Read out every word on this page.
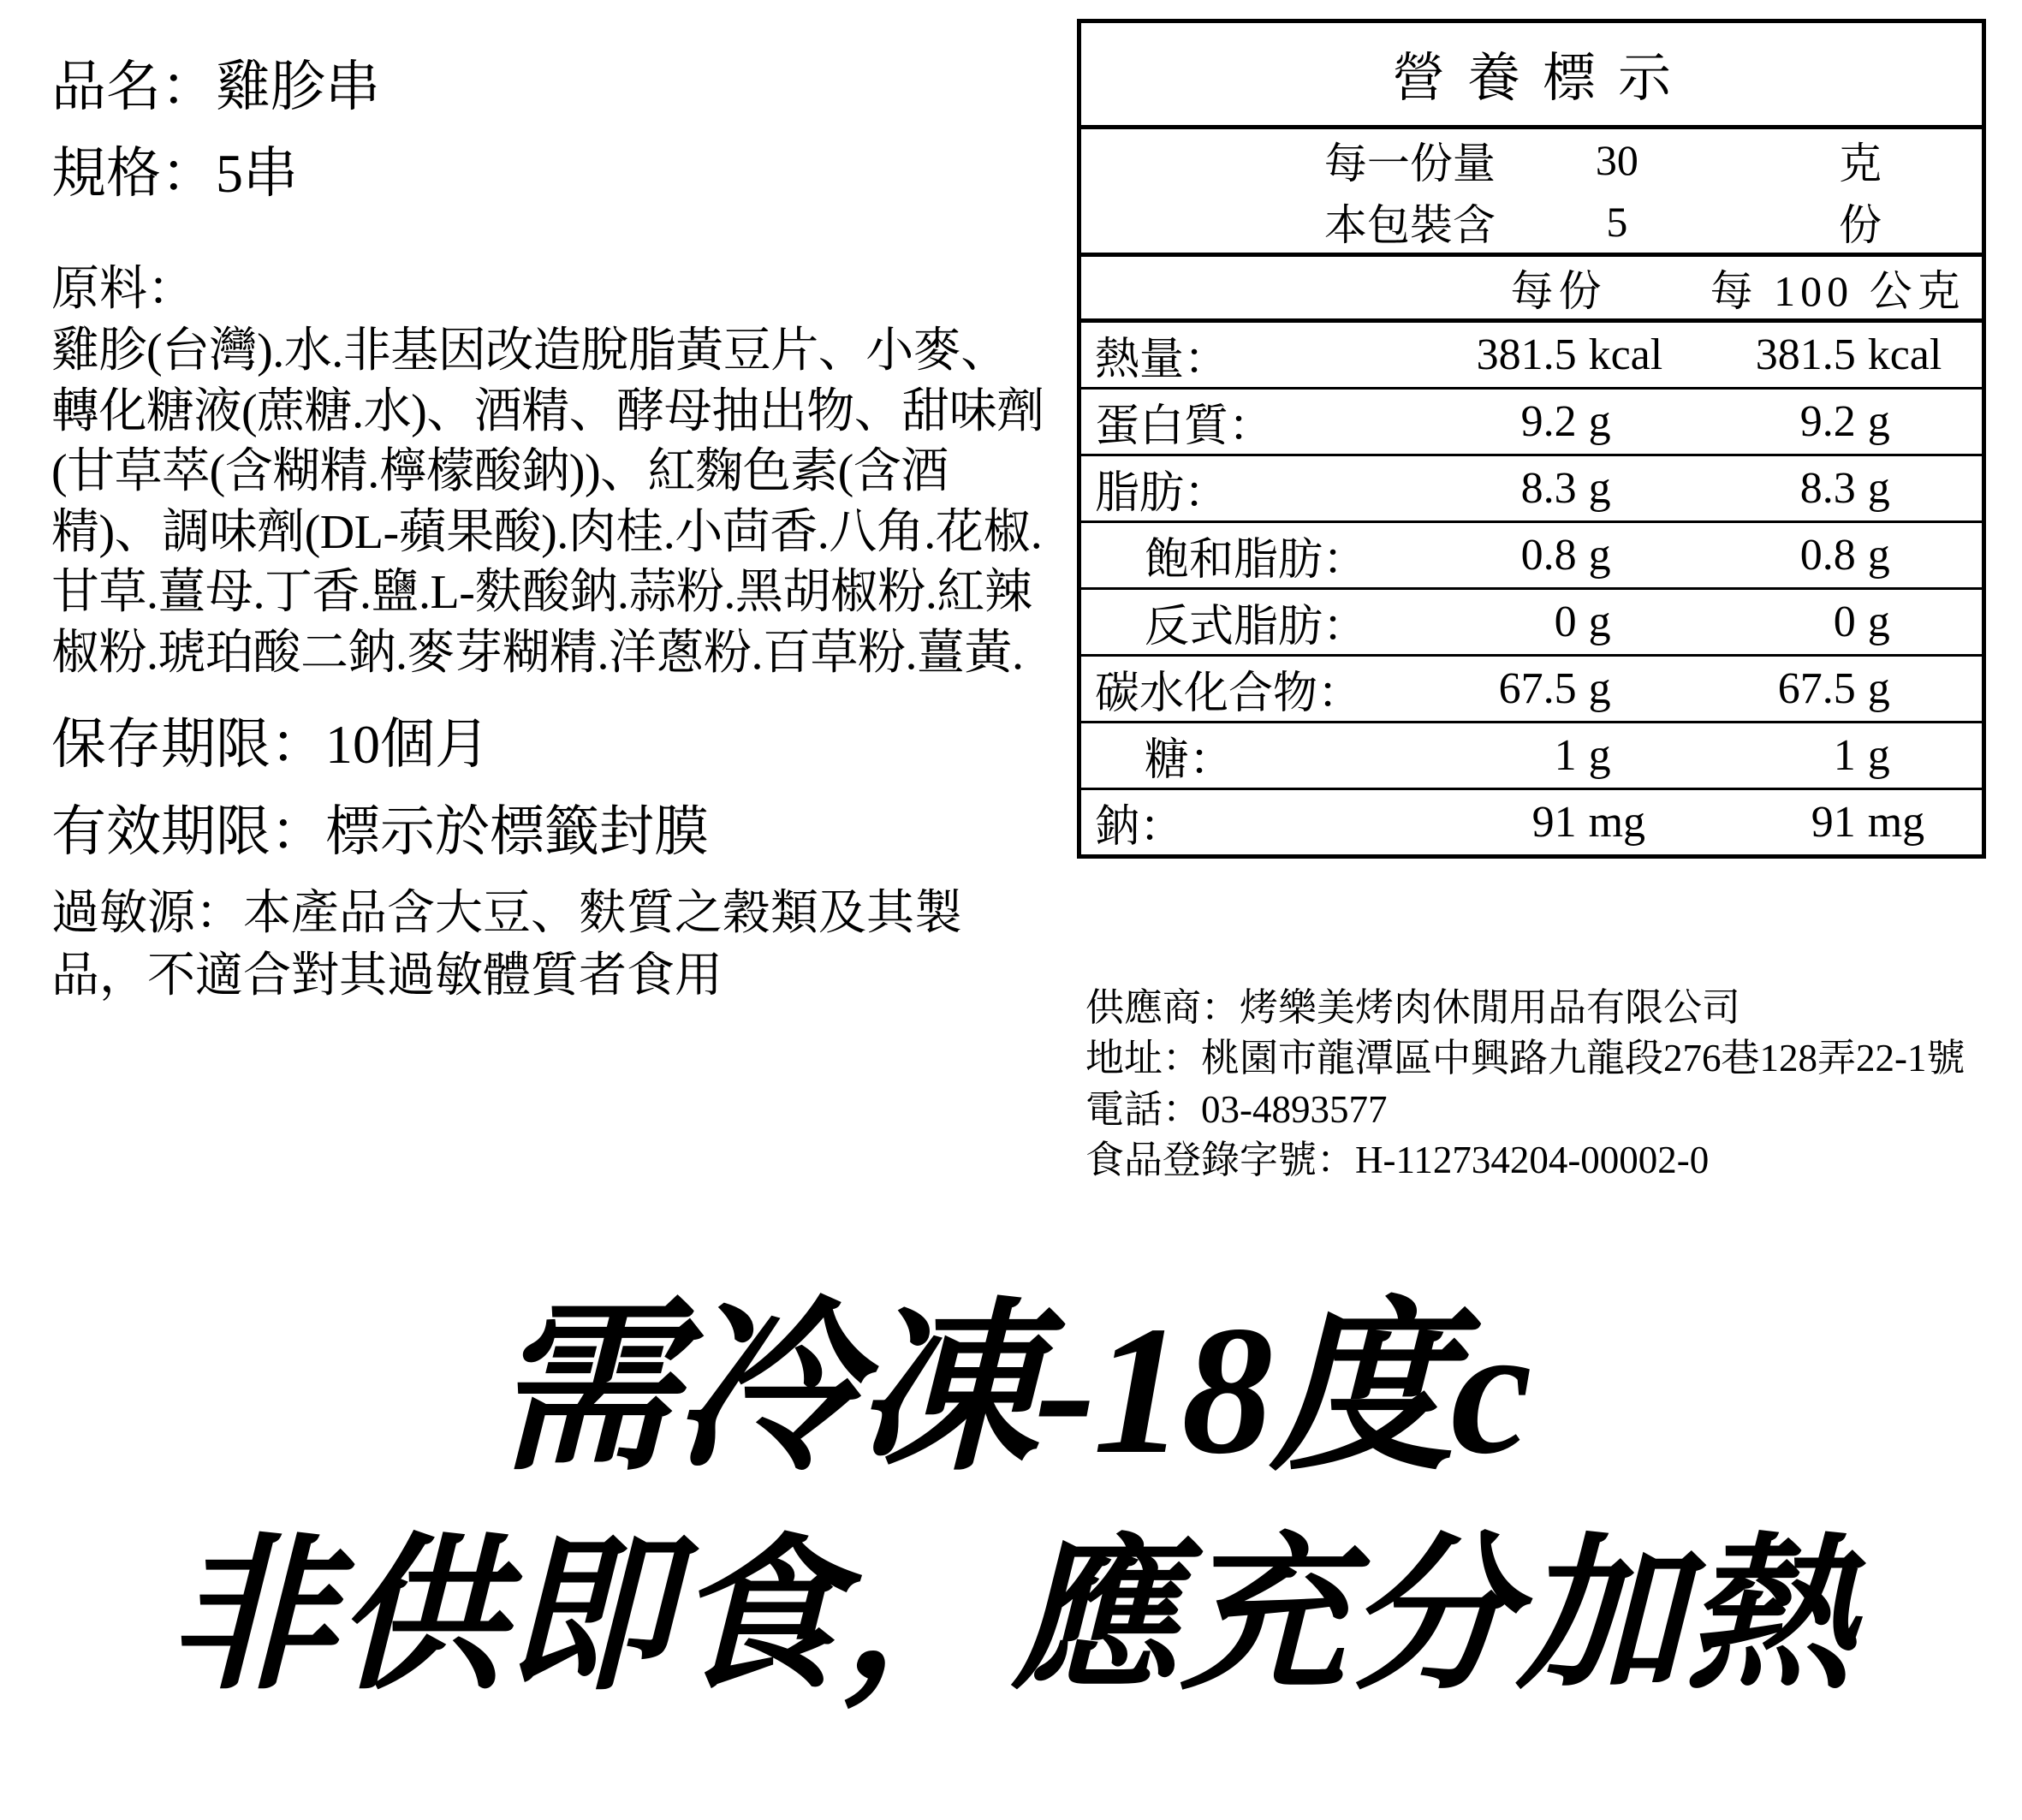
品名：雞胗串
規格：5串
原料：
雞胗(台灣).水.非基因改造脫脂黃豆片、小麥、轉化糖液(蔗糖.水)、酒精、酵母抽出物、甜味劑(甘草萃(含糊精.檸檬酸鈉))、紅麴色素(含酒精)、調味劑(DL-蘋果酸).肉桂.小茴香.八角.花椒.甘草.薑母.丁香.鹽.L-麩酸鈉.蒜粉.黑胡椒粉.紅辣椒粉.琥珀酸二鈉.麥芽糊精.洋蔥粉.百草粉.薑黃.
保存期限：10個月
有效期限：標示於標籤封膜
過敏源：本產品含大豆、麩質之穀類及其製品，不適合對其過敏體質者食用
營養標示

每一份量	30	克
本包裝含	5	份

	每份	每 100 公克
熱量：	381.5	kcal	381.5	kcal
蛋白質：	9.2	g	9.2	g
脂肪：	8.3	g	8.3	g
飽和脂肪：	0.8	g	0.8	g
反式脂肪：	0	g	0	g
碳水化合物：	67.5	g	67.5	g
糖：	1	g	1	g
鈉：	91	mg	91	mg
供應商：烤樂美烤肉休閒用品有限公司
地址：桃園市龍潭區中興路九龍段276巷128弄22-1號
電話：03-4893577
食品登錄字號：H-112734204-00002-0
需冷凍-18度c
非供即食，應充分加熱
